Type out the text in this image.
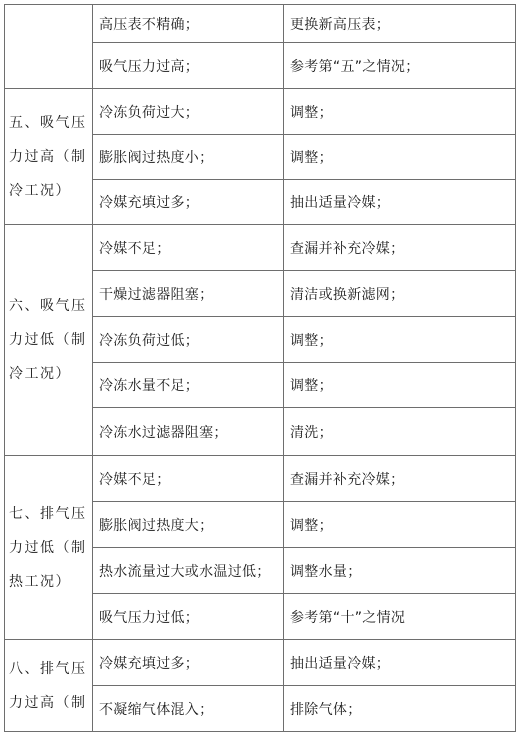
	高压表不精确；	更换新高压表；

	吸气压力过高；	参考第“五”之情况；

五、吸气压
力过高（制
冷工况）	冷冻负荷过大；	调整；

	膨胀阀过热度小；	调整；

	冷媒充填过多；	抽出适量冷媒；

六、吸气压
力过低（制
冷工况）	冷媒不足；	查漏并补充冷媒；

	干燥过滤器阻塞；	清洁或换新滤网；

	冷冻负荷过低；	调整；

	冷冻水量不足；	调整；

	冷冻水过滤器阻塞；	清洗；

七、排气压
力过低（制
热工况）	冷媒不足；	查漏并补充冷媒；

	膨胀阀过热度大；	调整；

	热水流量过大或水温过低；	调整水量；

	吸气压力过低；	参考第“十”之情况

八、排气压
力过高（制	冷媒充填过多；	抽出适量冷媒；

	不凝缩气体混入；	排除气体；
